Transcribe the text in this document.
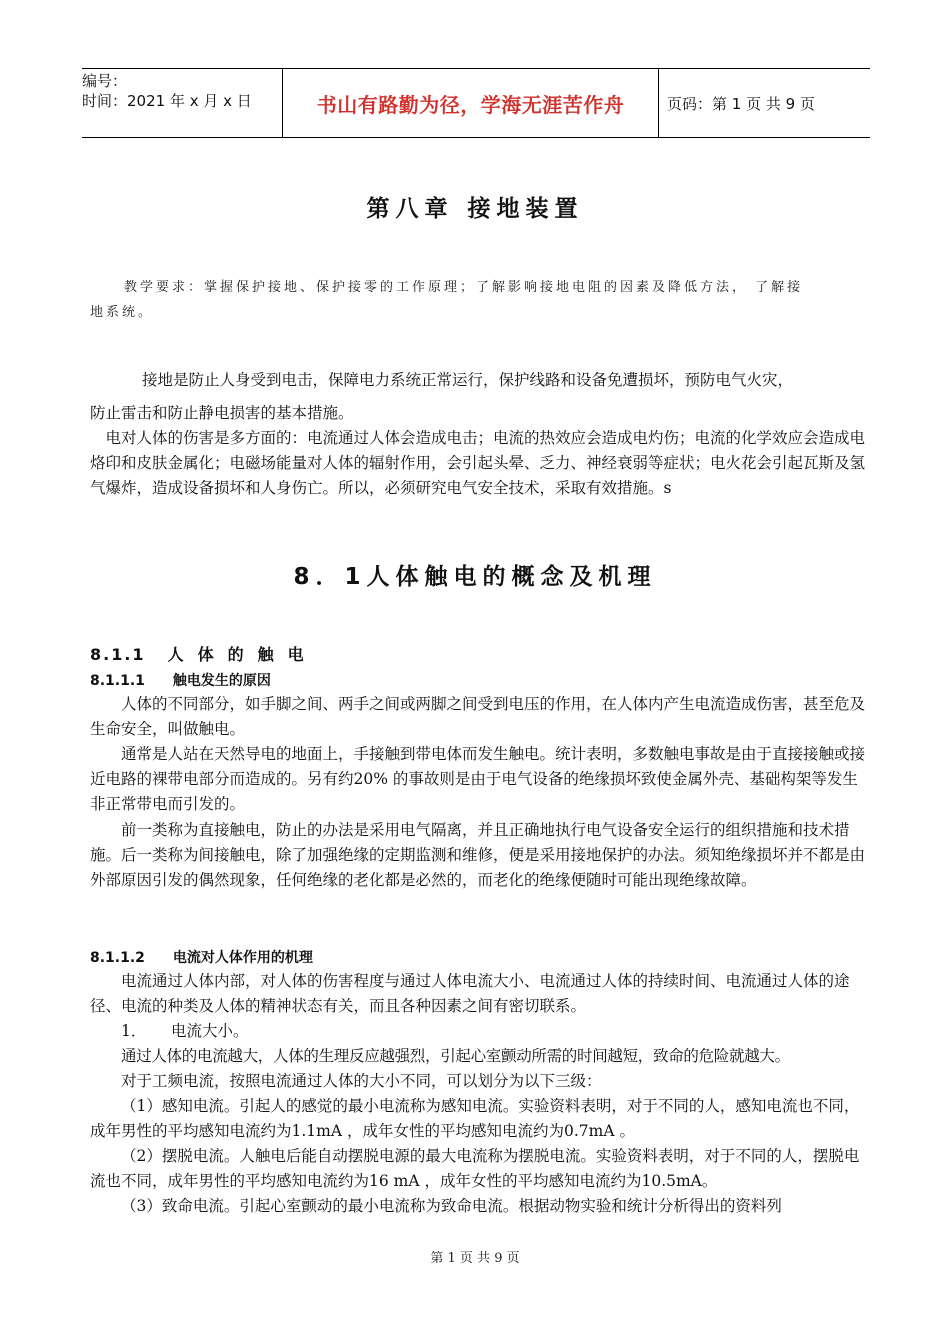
编号：
时间：2021 年 x 月 x 日	书山有路勤为径，学海无涯苦作舟	页码：第 1 页 共 9 页
第八章 接地装置
教学要求：掌握保护接地、保护接零的工作原理；了解影响接地电阻的因素及降低方法， 了解接
地系统。
接地是防止人身受到电击，保障电力系统正常运行，保护线路和设备免遭损坏，预防电气火灾，
防止雷击和防止静电损害的基本措施。
电对人体的伤害是多方面的：电流通过人体会造成电击；电流的热效应会造成电灼伤；电流的化学效应会造成电烙印和皮肤金属化；电磁场能量对人体的辐射作用，会引起头晕、乏力、神经衰弱等症状；电火花会引起瓦斯及氢气爆炸，造成设备损坏和人身伤亡。所以，必须研究电气安全技术，采取有效措施。s
8．1人体触电的概念及机理
8.1.1 人体的触电
8.1.1.1 触电发生的原因
人体的不同部分，如手脚之间、两手之间或两脚之间受到电压的作用，在人体内产生电流造成伤害，甚至危及生命安全，叫做触电。
通常是人站在天然导电的地面上，手接触到带电体而发生触电。统计表明，多数触电事故是由于直接接触或接近电路的裸带电部分而造成的。另有约20% 的事故则是由于电气设备的绝缘损坏致使金属外壳、基础构架等发生非正常带电而引发的。
前一类称为直接触电，防止的办法是采用电气隔离，并且正确地执行电气设备安全运行的组织措施和技术措施。后一类称为间接触电，除了加强绝缘的定期监测和维修，便是采用接地保护的办法。须知绝缘损坏并不都是由外部原因引发的偶然现象，任何绝缘的老化都是必然的，而老化的绝缘便随时可能出现绝缘故障。
8.1.1.2 电流对人体作用的机理
电流通过人体内部，对人体的伤害程度与通过人体电流大小、电流通过人体的持续时间、电流通过人体的途径、电流的种类及人体的精神状态有关，而且各种因素之间有密切联系。
1．     电流大小。
通过人体的电流越大，人体的生理反应越强烈，引起心室颤动所需的时间越短，致命的危险就越大。
对于工频电流，按照电流通过人体的大小不同，可以划分为以下三级：
（1）感知电流。引起人的感觉的最小电流称为感知电流。实验资料表明，对于不同的人，感知电流也不同，成年男性的平均感知电流约为1.1mA ，成年女性的平均感知电流约为0.7mA 。
（2）摆脱电流。人触电后能自动摆脱电源的最大电流称为摆脱电流。实验资料表明，对于不同的人，摆脱电流也不同，成年男性的平均感知电流约为16 mA ，成年女性的平均感知电流约为10.5mA。
（3）致命电流。引起心室颤动的最小电流称为致命电流。根据动物实验和统计分析得出的资料列
第 1 页 共 9 页
